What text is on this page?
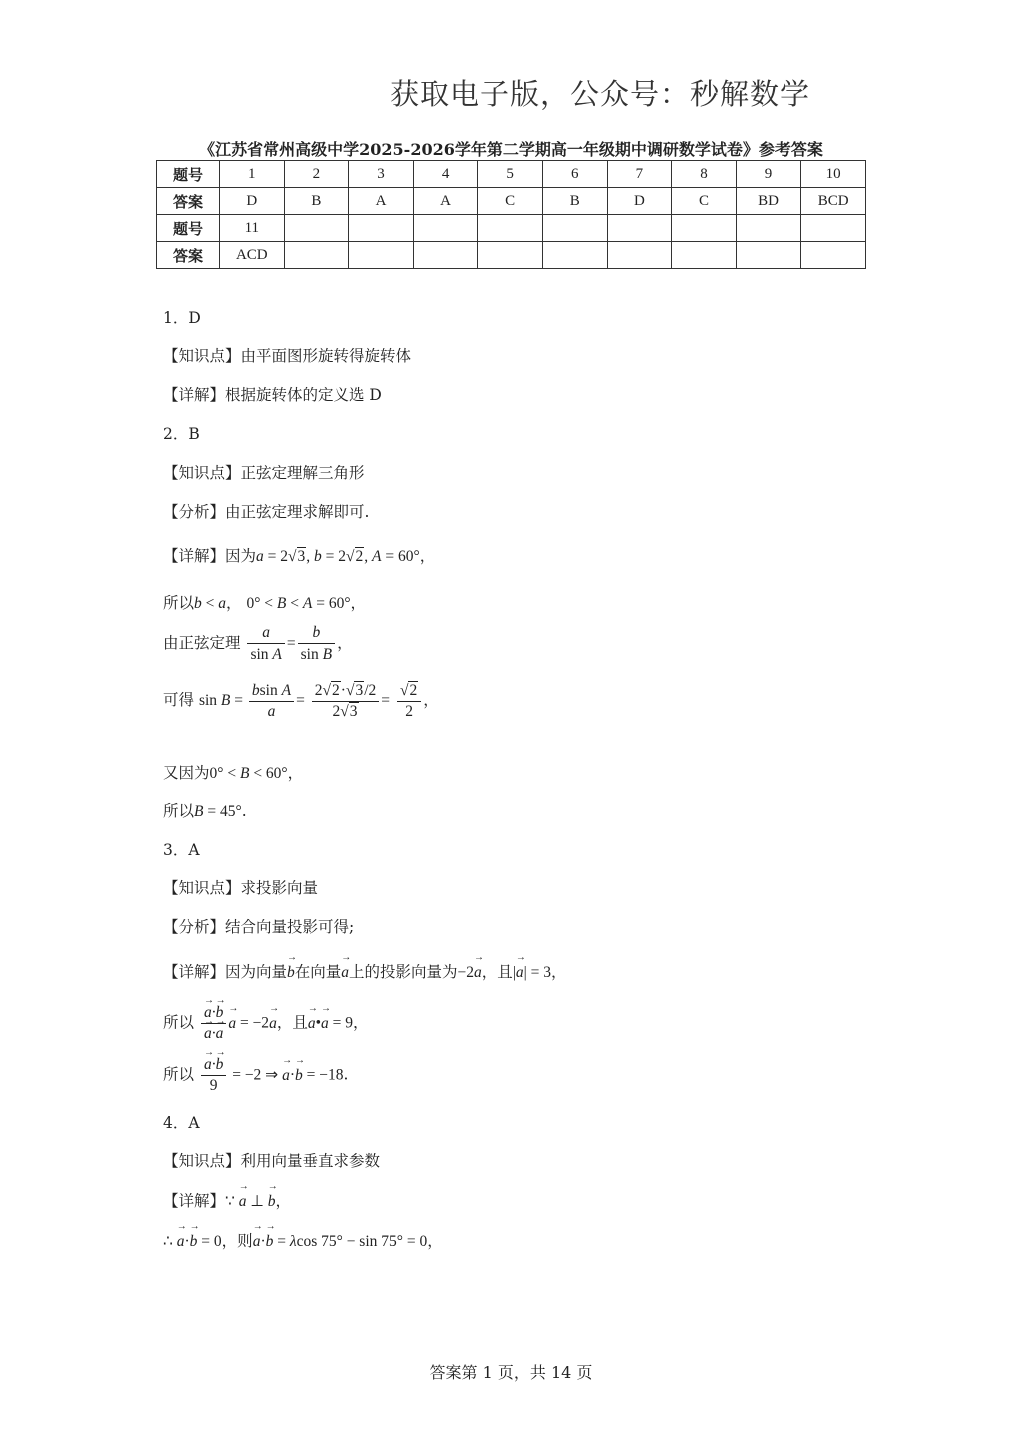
获取电子版，公众号：秒解数学
《江苏省常州高级中学2025-2026学年第二学期高一年级期中调研数学试卷》参考答案
题号	1	2	3	4	5	6	7	8	9	10
答案	D	B	A	A	C	B	D	C	BD	BCD
题号	11									
答案	ACD									
1．D
【知识点】由平面图形旋转得旋转体
【详解】根据旋转体的定义选 D
2．B
【知识点】正弦定理解三角形
【分析】由正弦定理求解即可.
【详解】因为a = 2√3, b = 2√2, A = 60°，
所以b < a， 0° < B < A = 60°，
由正弦定理 $\frac{a}{\text{sin A}} = \frac{b}{\text{sin B}}$ ，
可得 $\sin B = \frac{\text{bsin A}}{a} = \frac{2√2\cdot√3/2}{2√3} = \frac{√2}{2}$ ，
又因为0° < B < 60°，
所以B = 45°.
3．A
【知识点】求投影向量
【分析】结合向量投影可得;
【详解】因为向量→ b在向量→ a上的投影向量为−2→ a，且|→ a| = 3，
所以 → a·→ b
→ a·→ a → a = −2→ a，且→ a•→ a = 9，
所以 → $\frac{a\cdot\to b}{9} = -2$ ⇒ → a·→ b = −18.
4．A
【知识点】利用向量垂直求参数
【详解】∵ → a ⊥ → b，
∴ → a·→ b = 0，则→ a·→ b = λcos 75° − sin 75° = 0，
答案第 1 页，共 14 页
